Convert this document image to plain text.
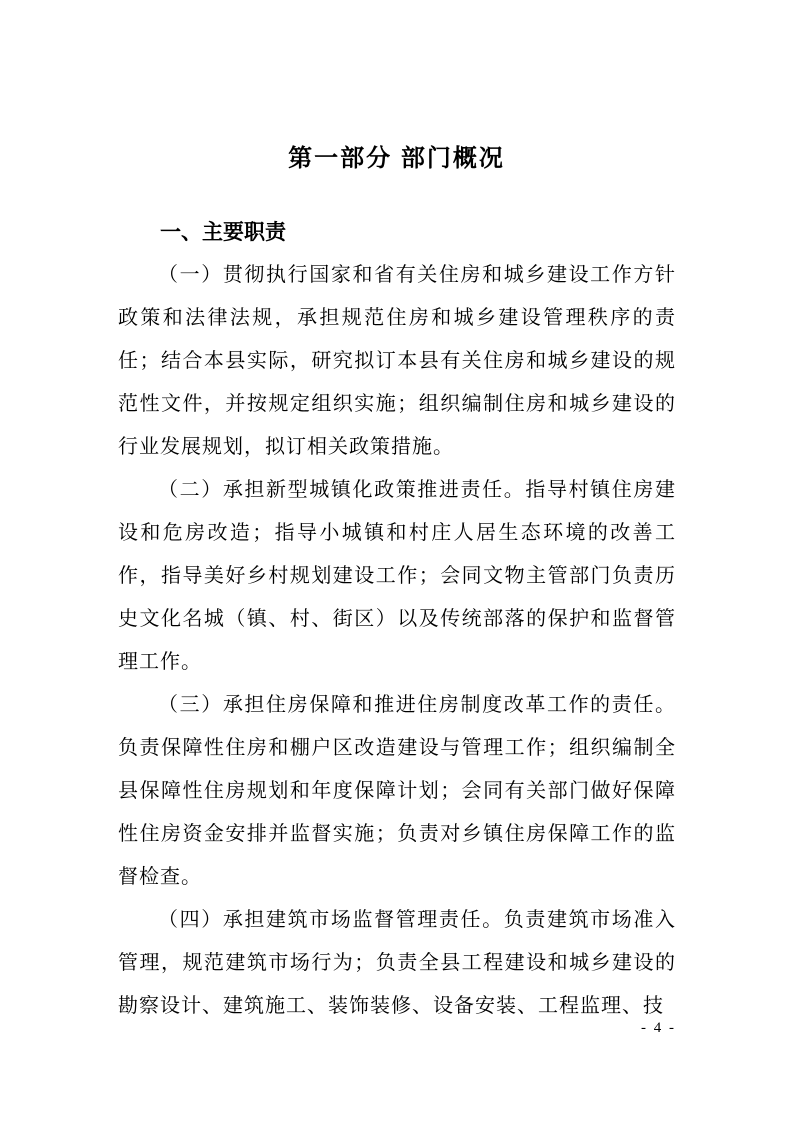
第一部分 部门概况
一、主要职责

（一）贯彻执行国家和省有关住房和城乡建设工作方针政策和法律法规，承担规范住房和城乡建设管理秩序的责任；结合本县实际，研究拟订本县有关住房和城乡建设的规范性文件，并按规定组织实施；组织编制住房和城乡建设的行业发展规划，拟订相关政策措施。

（二）承担新型城镇化政策推进责任。指导村镇住房建设和危房改造；指导小城镇和村庄人居生态环境的改善工作，指导美好乡村规划建设工作；会同文物主管部门负责历史文化名城（镇、村、街区）以及传统部落的保护和监督管理工作。

（三）承担住房保障和推进住房制度改革工作的责任。负责保障性住房和棚户区改造建设与管理工作；组织编制全县保障性住房规划和年度保障计划；会同有关部门做好保障性住房资金安排并监督实施；负责对乡镇住房保障工作的监督检查。

（四）承担建筑市场监督管理责任。负责建筑市场准入管理，规范建筑市场行为；负责全县工程建设和城乡建设的勘察设计、建筑施工、装饰装修、设备安装、工程监理、技

- 4 -
